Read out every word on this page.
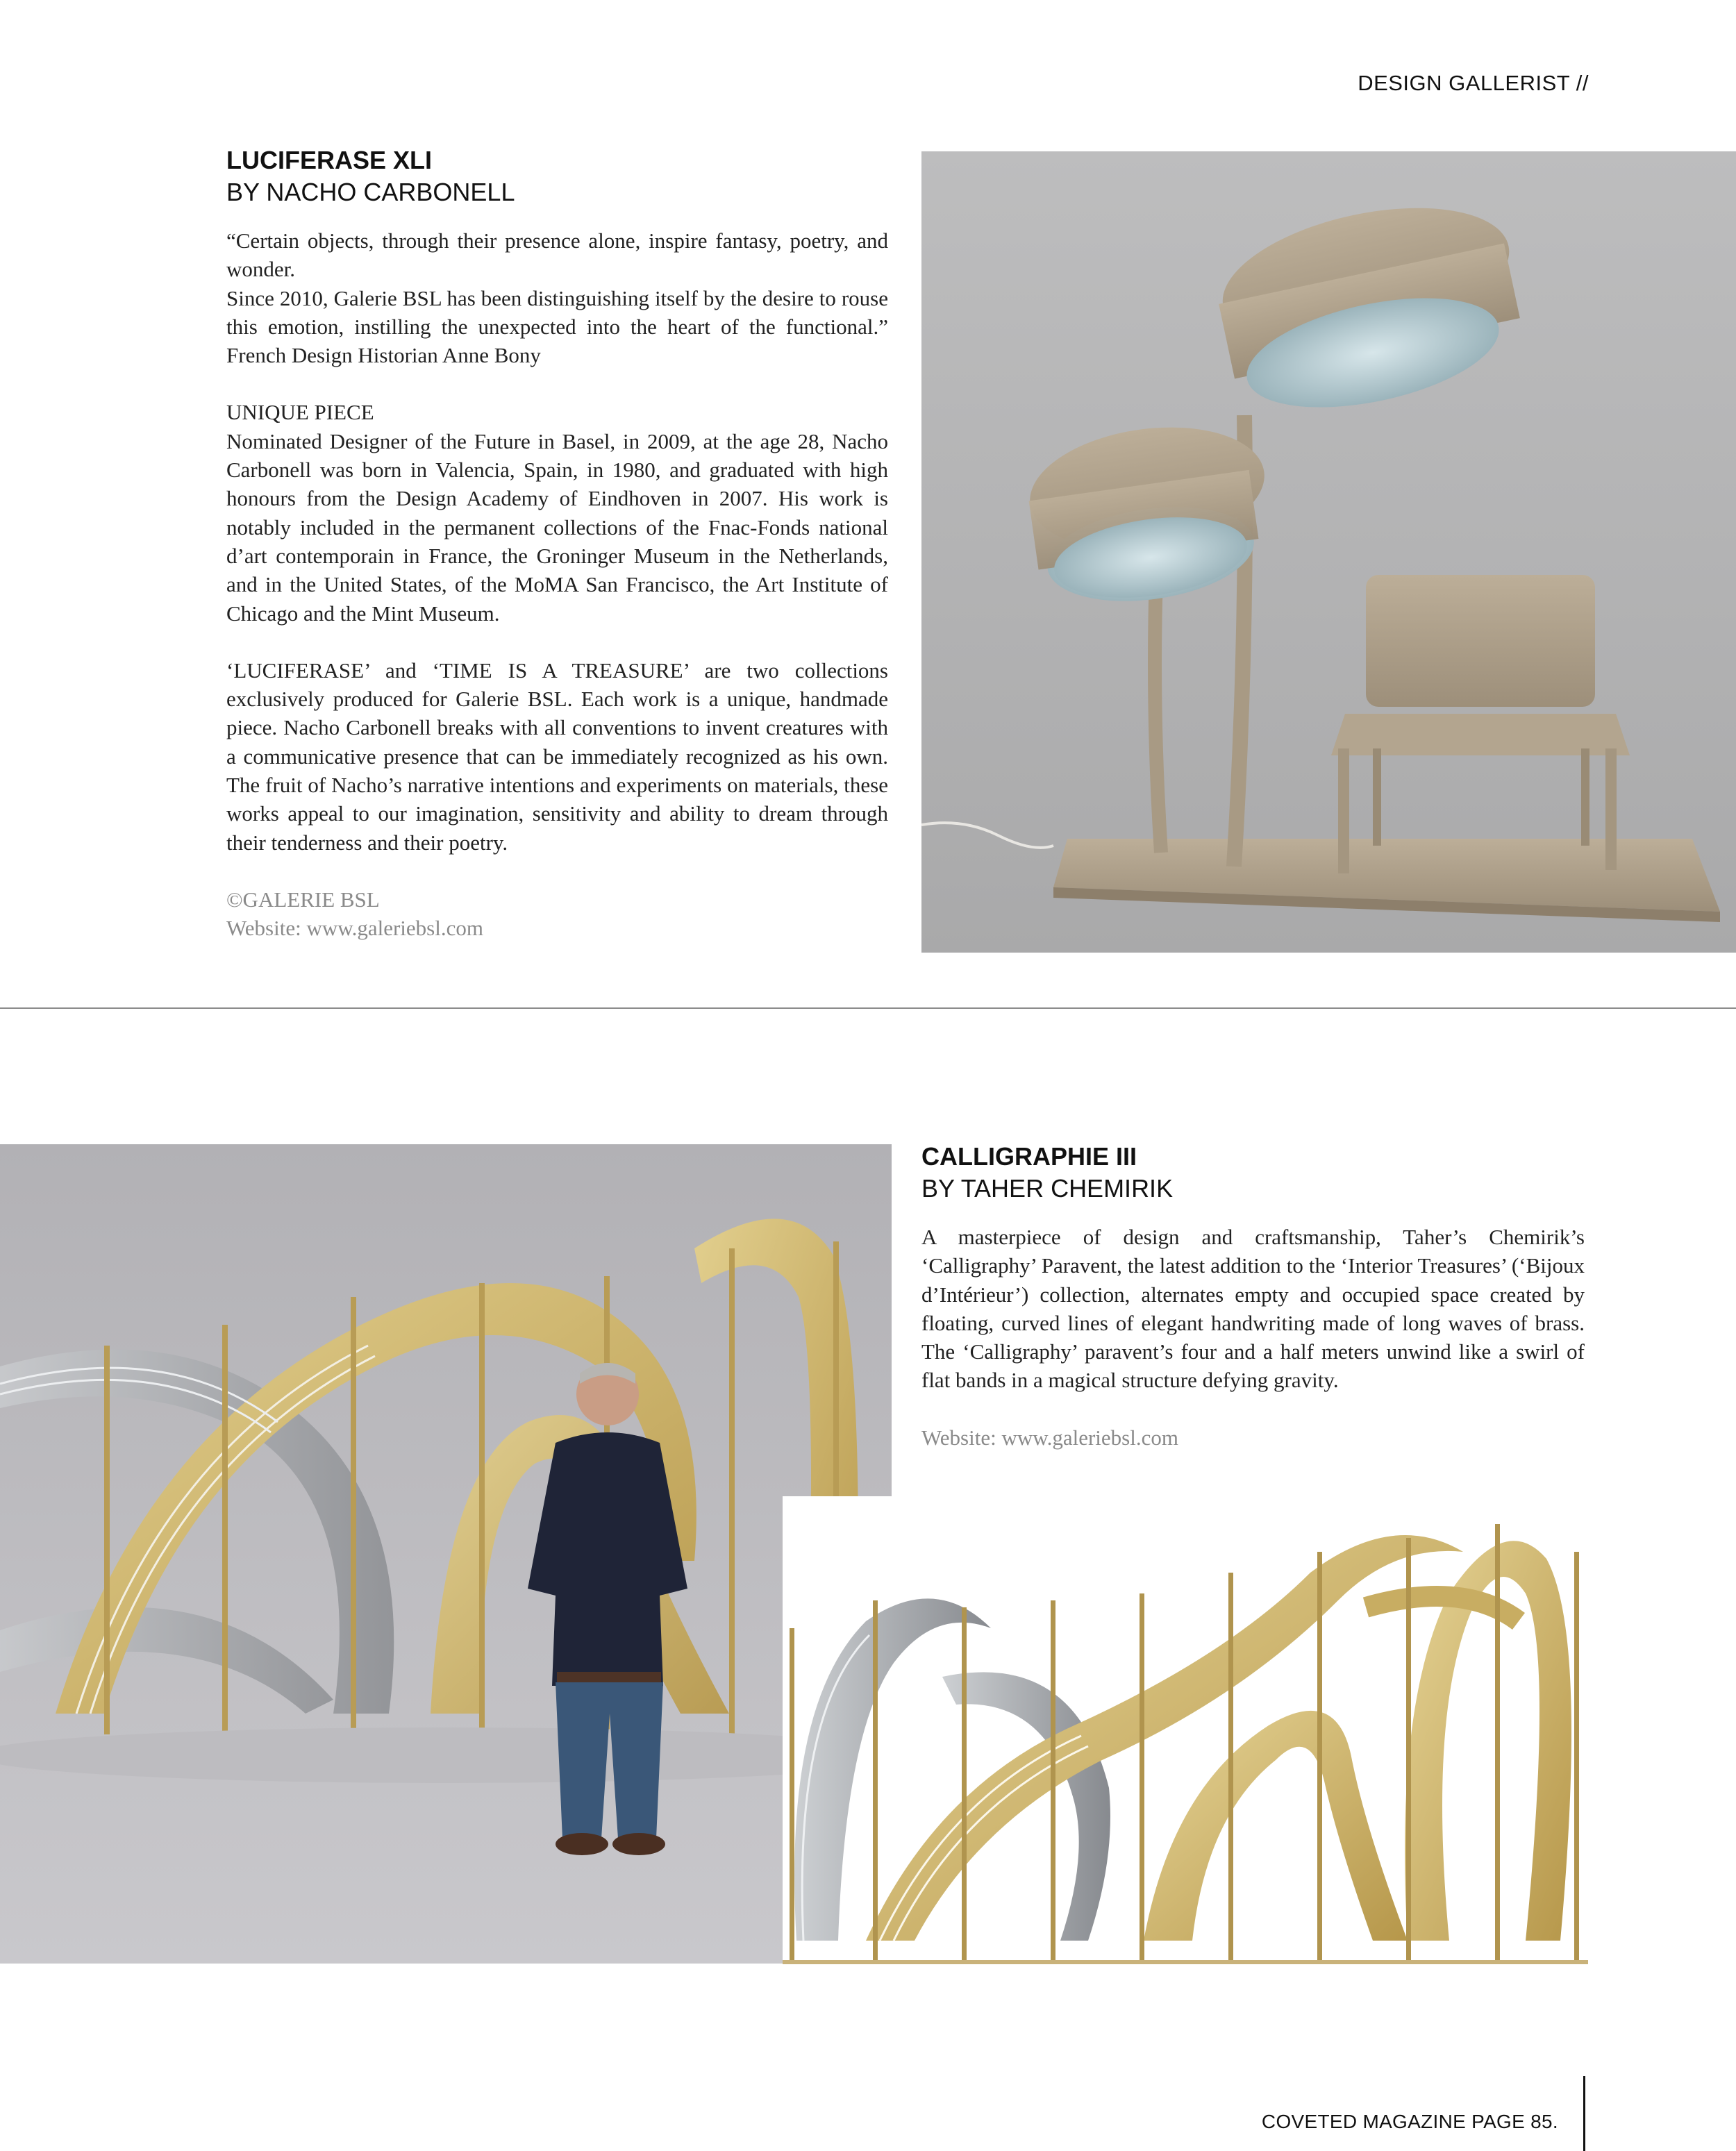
DESIGN GALLERIST //
LUCIFERASE XLI
BY NACHO CARBONELL

“Certain objects, through their presence alone, inspire fantasy, poetry, and wonder.

Since 2010, Galerie BSL has been distinguishing itself by the desire to rouse this emotion, instilling the unexpected into the heart of the functional.” French Design Historian Anne Bony

UNIQUE PIECE

Nominated Designer of the Future in Basel, in 2009, at the age 28, Nacho Carbonell was born in Valencia, Spain, in 1980, and graduated with high honours from the Design Academy of Eindhoven in 2007. His work is notably included in the permanent collections of the Fnac-Fonds national d’art contemporain in France, the Groninger Museum in the Netherlands, and in the United States, of the MoMA San Francisco, the Art Institute of Chicago and the Mint Museum.

‘LUCIFERASE’ and ‘TIME IS A TREASURE’ are two collections exclusively produced for Galerie BSL. Each work is a unique, handmade piece. Nacho Carbonell breaks with all conventions to invent creatures with a communicative presence that can be immediately recognized as his own. The fruit of Nacho’s narrative intentions and experiments on materials, these works appeal to our imagination, sensitivity and ability to dream through their tenderness and their poetry.

©GALERIE BSL

Website: www.galeriebsl.com

CALLIGRAPHIE III
BY TAHER CHEMIRIK

A masterpiece of design and craftsmanship, Taher’s Chemirik’s ‘Calligraphy’ Paravent, the latest addition to the ‘Interior Treasures’ (‘Bijoux d’Intérieur’) collection, alternates empty and occupied space created by floating, curved lines of elegant handwriting made of long waves of brass. The ‘Calligraphy’ paravent’s four and a half meters unwind like a swirl of flat bands in a magical structure defying gravity.

Website: www.galeriebsl.com

COVETED MAGAZINE PAGE 85.
